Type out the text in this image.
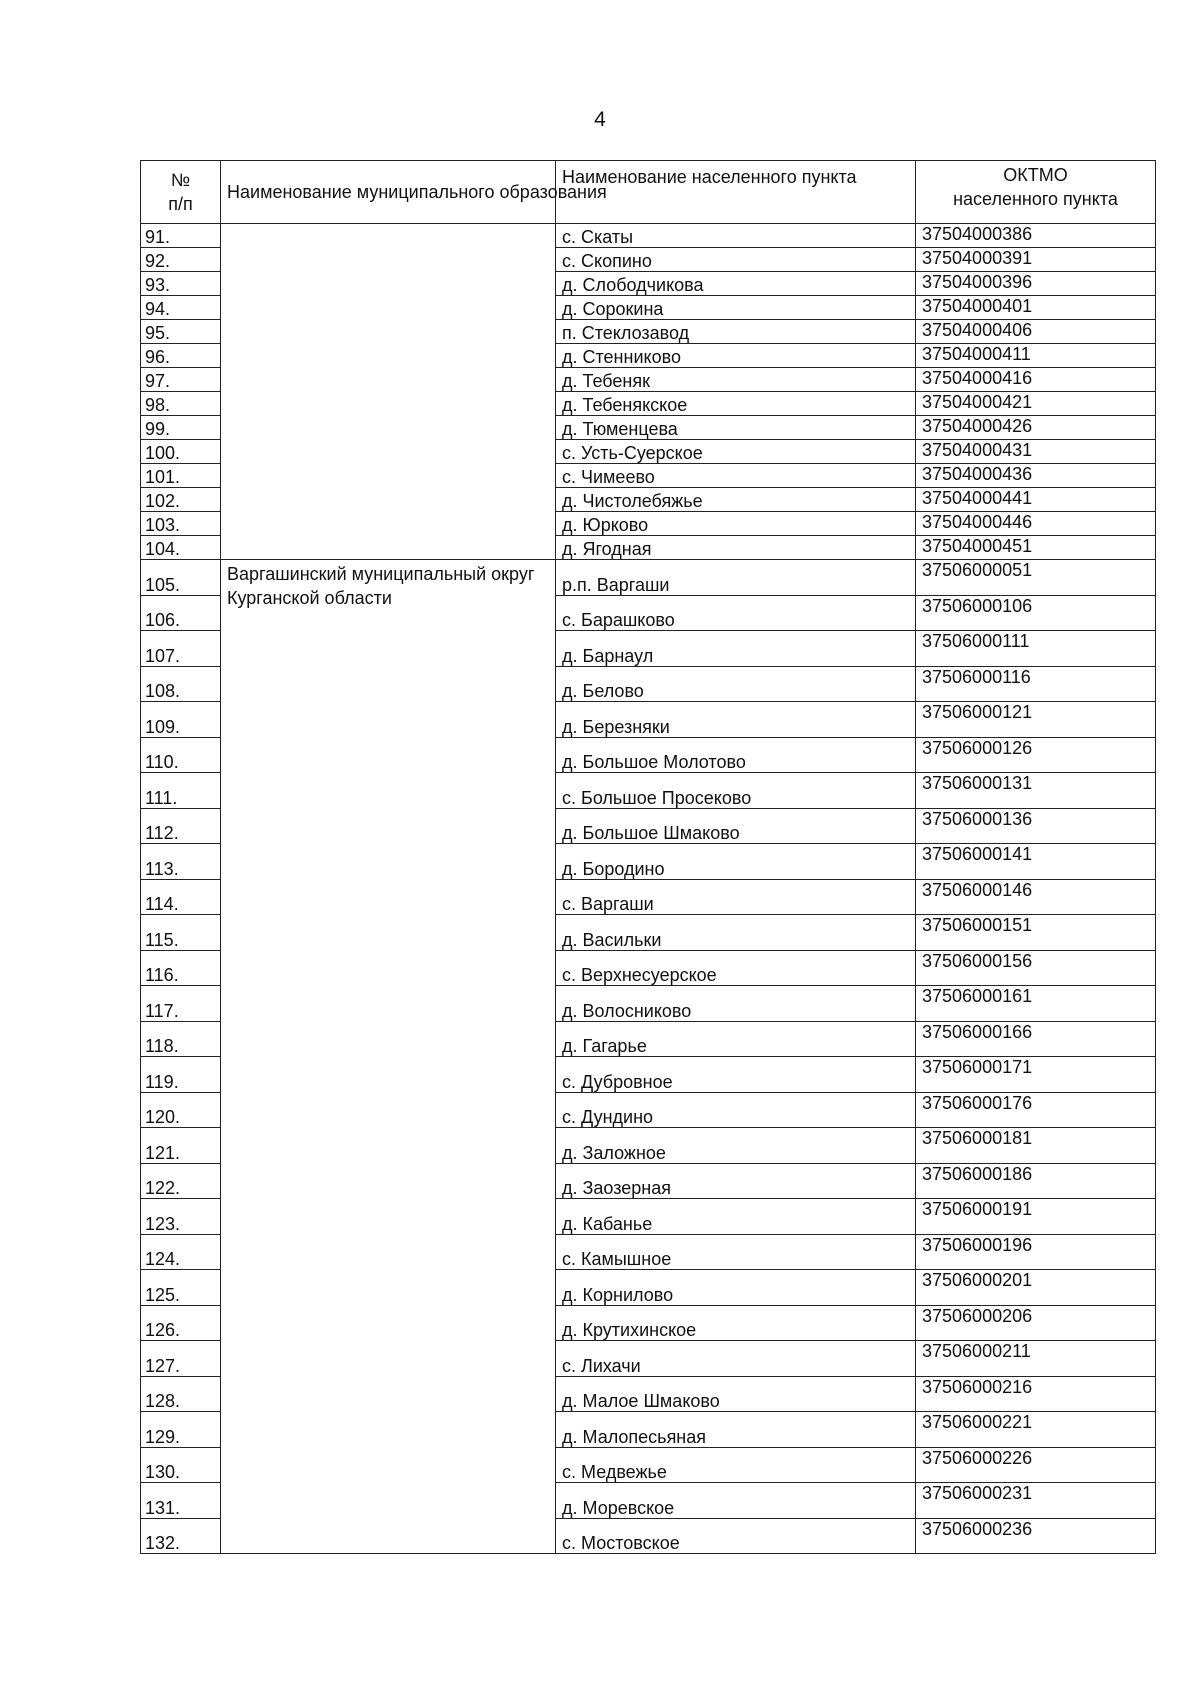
4
№
п/п	Наименование муниципального образования	Наименование населенного пункта	ОКТМО
населенного пункта
91.		с. Скаты	37504000386
92.		с. Скопино	37504000391
93.		д. Слободчикова	37504000396
94.		д. Сорокина	37504000401
95.		п. Стеклозавод	37504000406
96.		д. Стенниково	37504000411
97.		д. Тебеняк	37504000416
98.		д. Тебенякское	37504000421
99.		д. Тюменцева	37504000426
100.		с. Усть-Суерское	37504000431
101.		с. Чимеево	37504000436
102.		д. Чистолебяжье	37504000441
103.		д. Юрково	37504000446
104.		д. Ягодная	37504000451
105.	Варгашинский муниципальный округ Курганской области	р.п. Варгаши	37506000051
106.		с. Барашково	37506000106
107.		д. Барнаул	37506000111
108.		д. Белово	37506000116
109.		д. Березняки	37506000121
110.		д. Большое Молотово	37506000126
111.		с. Большое Просеково	37506000131
112.		д. Большое Шмаково	37506000136
113.		д. Бородино	37506000141
114.		с. Варгаши	37506000146
115.		д. Васильки	37506000151
116.		с. Верхнесуерское	37506000156
117.		д. Волосниково	37506000161
118.		д. Гагарье	37506000166
119.		с. Дубровное	37506000171
120.		с. Дундино	37506000176
121.		д. Заложное	37506000181
122.		д. Заозерная	37506000186
123.		д. Кабанье	37506000191
124.		с. Камышное	37506000196
125.		д. Корнилово	37506000201
126.		д. Крутихинское	37506000206
127.		с. Лихачи	37506000211
128.		д. Малое Шмаково	37506000216
129.		д. Малопесьяная	37506000221
130.		с. Медвежье	37506000226
131.		д. Моревское	37506000231
132.		с. Мостовское	37506000236
